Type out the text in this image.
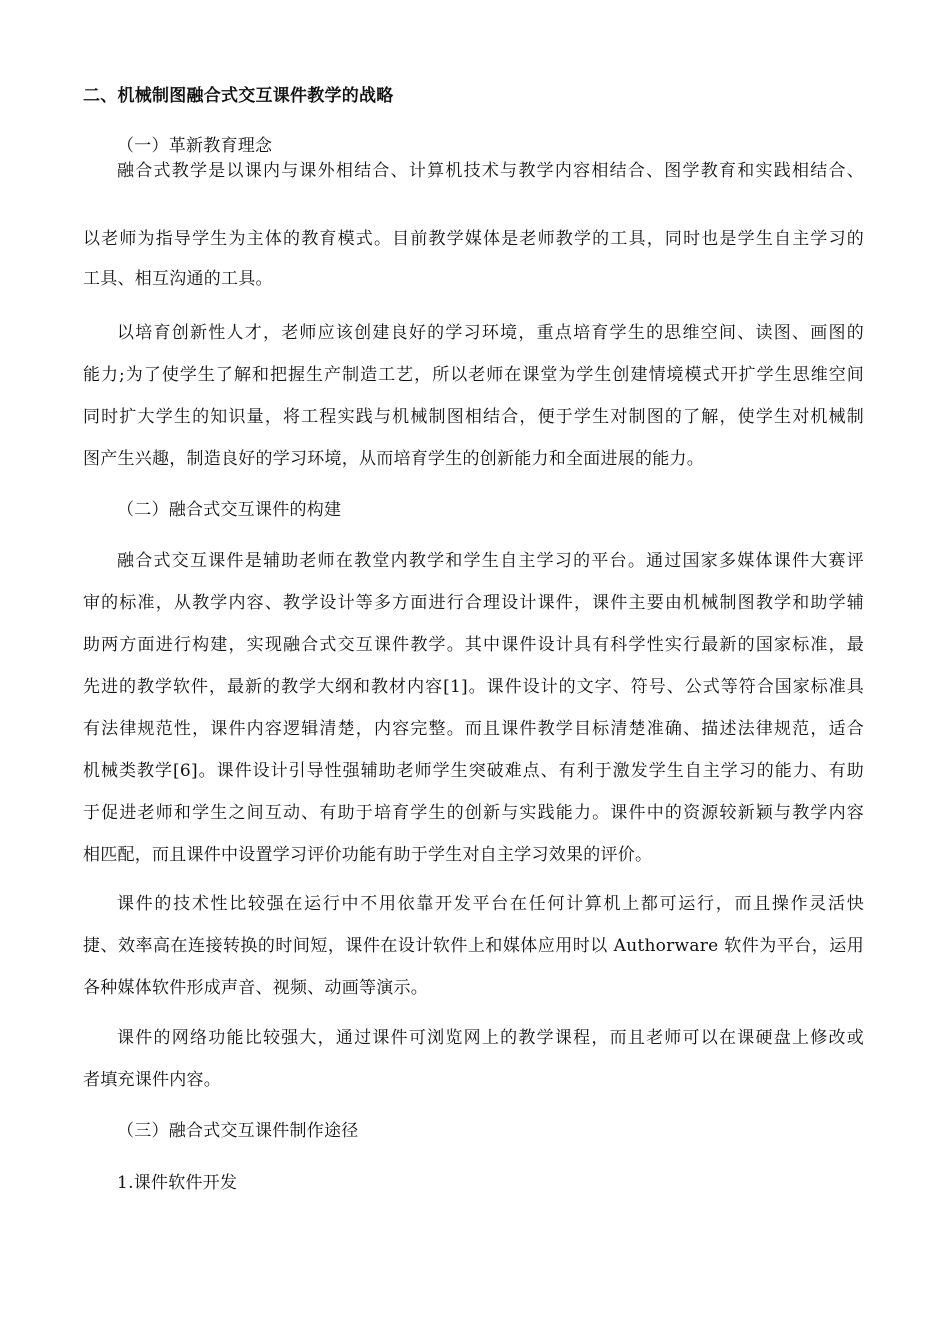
二、机械制图融合式交互课件教学的战略
（一）革新教育理念
融合式教学是以课内与课外相结合、计算机技术与教学内容相结合、图学教育和实践相结合、
以老师为指导学生为主体的教育模式。目前教学媒体是老师教学的工具，同时也是学生自主学习的
工具、相互沟通的工具。
以培育创新性人才，老师应该创建良好的学习环境，重点培育学生的思维空间、读图、画图的
能力;为了使学生了解和把握生产制造工艺，所以老师在课堂为学生创建情境模式开扩学生思维空间
同时扩大学生的知识量，将工程实践与机械制图相结合，便于学生对制图的了解，使学生对机械制
图产生兴趣，制造良好的学习环境，从而培育学生的创新能力和全面进展的能力。
（二）融合式交互课件的构建
融合式交互课件是辅助老师在教堂内教学和学生自主学习的平台。通过国家多媒体课件大赛评
审的标准，从教学内容、教学设计等多方面进行合理设计课件，课件主要由机械制图教学和助学辅
助两方面进行构建，实现融合式交互课件教学。其中课件设计具有科学性实行最新的国家标准，最
先进的教学软件，最新的教学大纲和教材内容[1]。课件设计的文字、符号、公式等符合国家标准具
有法律规范性，课件内容逻辑清楚，内容完整。而且课件教学目标清楚准确、描述法律规范，适合
机械类教学[6]。课件设计引导性强辅助老师学生突破难点、有利于激发学生自主学习的能力、有助
于促进老师和学生之间互动、有助于培育学生的创新与实践能力。课件中的资源较新颖与教学内容
相匹配，而且课件中设置学习评价功能有助于学生对自主学习效果的评价。
课件的技术性比较强在运行中不用依靠开发平台在任何计算机上都可运行，而且操作灵活快
捷、效率高在连接转换的时间短，课件在设计软件上和媒体应用时以 Authorware 软件为平台，运用
各种媒体软件形成声音、视频、动画等演示。
课件的网络功能比较强大，通过课件可浏览网上的教学课程，而且老师可以在课硬盘上修改或
者填充课件内容。
（三）融合式交互课件制作途径
1.课件软件开发
